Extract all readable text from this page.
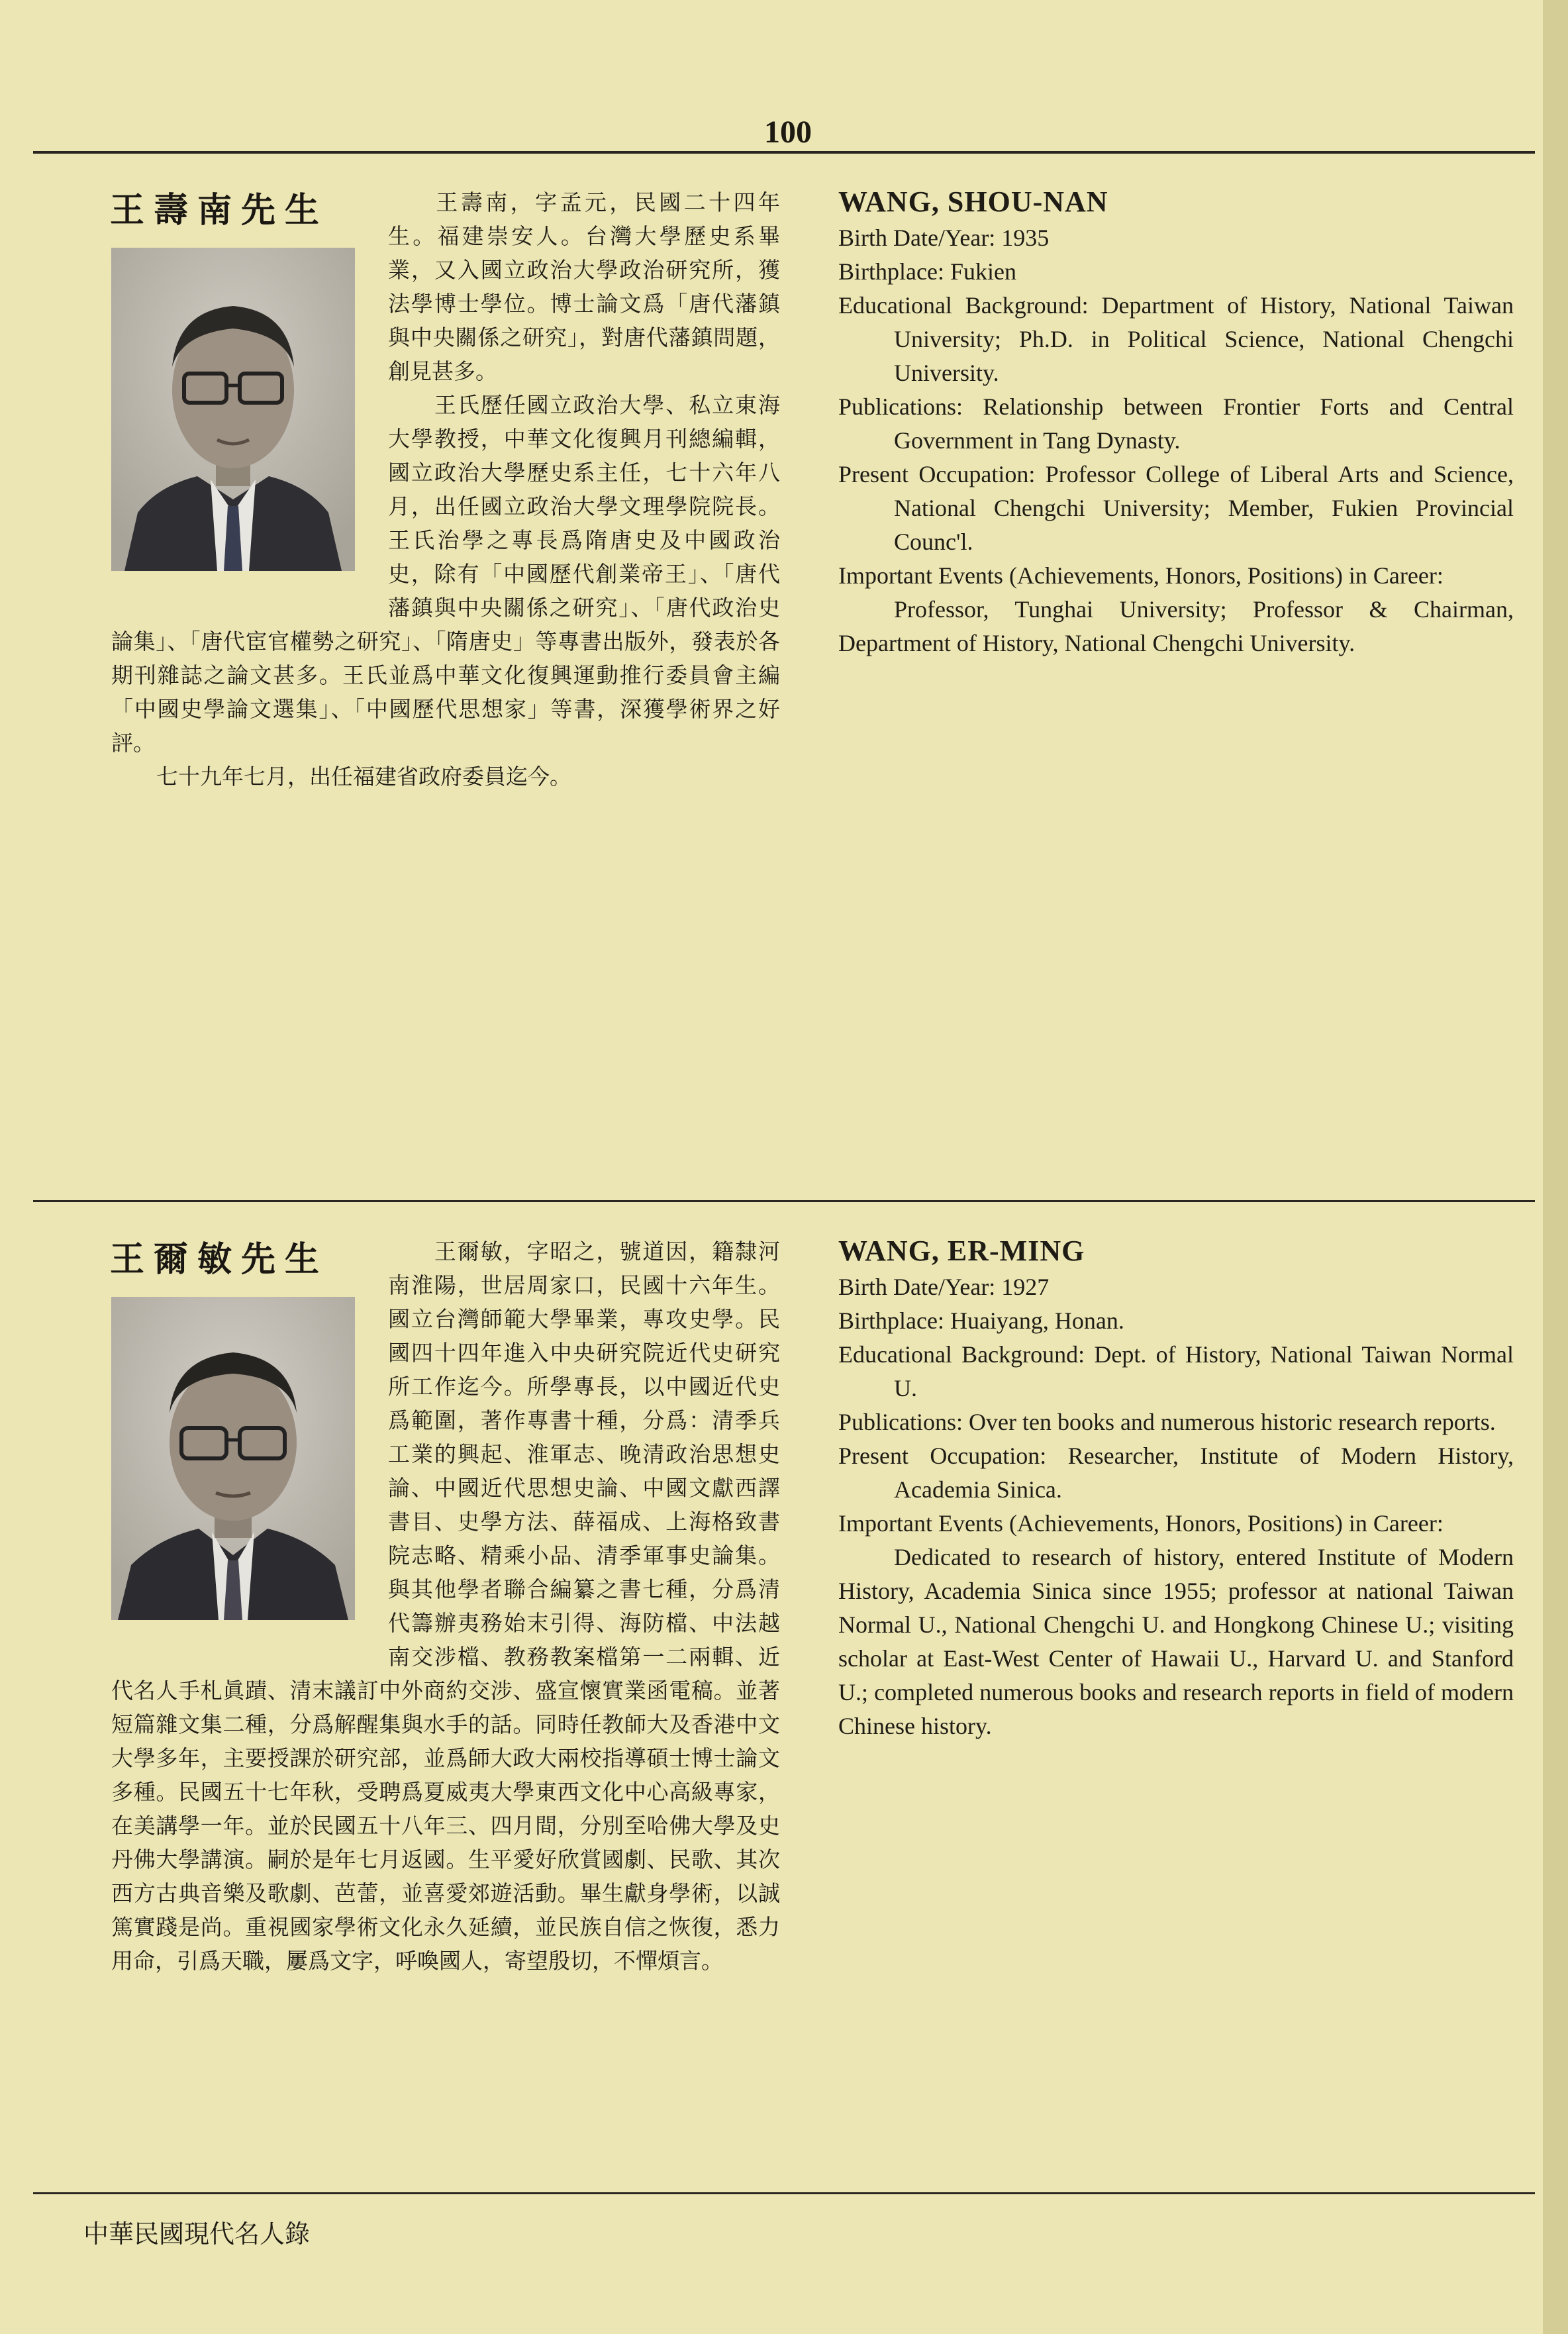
100

王壽南，字孟元，民國二十四年生。福建崇安人。台灣大學歷史系畢業，又入國立政治大學政治研究所，獲法學博士學位。博士論文爲「唐代藩鎮與中央關係之研究」，對唐代藩鎮問題，創見甚多。

王氏歷任國立政治大學、私立東海大學教授，中華文化復興月刊總編輯，國立政治大學歷史系主任，七十六年八月，出任國立政治大學文理學院院長。王氏治學之專長爲隋唐史及中國政治史，除有「中國歷代創業帝王」、「唐代藩鎮與中央關係之研究」、「唐代政治史論集」、「唐代宦官權勢之研究」、「隋唐史」等專書出版外，發表於各期刊雜誌之論文甚多。王氏並爲中華文化復興運動推行委員會主編「中國史學論文選集」、「中國歷代思想家」等書，深獲學術界之好評。

七十九年七月，出任福建省政府委員迄今。

王壽南先生	WANG, SHOU-NAN

Birth Date/Year: 1935

Birthplace: Fukien

Educational Background: Department of History, National Taiwan University; Ph.D. in Political Science, National Chengchi University.

Publications: Relationship between Frontier Forts and Central Government in Tang Dynasty.

Present Occupation: Professor College of Liberal Arts and Science, National Chengchi University; Member, Fukien Provincial Counc'l.

Important Events (Achievements, Honors, Positions) in Career:

Professor, Tunghai University; Professor & Chairman, Department of History, National Chengchi University.

王爾敏，字昭之，號道因，籍隸河南淮陽，世居周家口，民國十六年生。國立台灣師範大學畢業，專攻史學。民國四十四年進入中央研究院近代史研究所工作迄今。所學專長，以中國近代史爲範圍，著作專書十種，分爲：清季兵工業的興起、淮軍志、晚清政治思想史論、中國近代思想史論、中國文獻西譯書目、史學方法、薛福成、上海格致書院志略、精乘小品、清季軍事史論集。與其他學者聯合編纂之書七種，分爲清代籌辦夷務始末引得、海防檔、中法越南交涉檔、教務教案檔第一二兩輯、近代名人手札眞蹟、清末議訂中外商約交涉、盛宣懷實業函電稿。並著短篇雜文集二種，分爲解醒集與水手的話。同時任教師大及香港中文大學多年，主要授課於研究部，並爲師大政大兩校指導碩士博士論文多種。民國五十七年秋，受聘爲夏威夷大學東西文化中心高級專家，在美講學一年。並於民國五十八年三、四月間，分別至哈佛大學及史丹佛大學講演。嗣於是年七月返國。生平愛好欣賞國劇、民歌、其次西方古典音樂及歌劇、芭蕾，並喜愛郊遊活動。畢生獻身學術，以誠篤實踐是尚。重視國家學術文化永久延續，並民族自信之恢復，悉力用命，引爲天職，屢爲文字，呼喚國人，寄望殷切，不憚煩言。

王爾敏先生	WANG, ER-MING

Birth Date/Year: 1927

Birthplace: Huaiyang, Honan.

Educational Background: Dept. of History, National Taiwan Normal U.

Publications: Over ten books and numerous historic research reports.

Present Occupation: Researcher, Institute of Modern History, Academia Sinica.

Important Events (Achievements, Honors, Positions) in Career:

Dedicated to research of history, entered Institute of Modern History, Academia Sinica since 1955; professor at national Taiwan Normal U., National Chengchi U. and Hongkong Chinese U.; visiting scholar at East-West Center of Hawaii U., Harvard U. and Stanford U.; completed numerous books and research reports in field of modern Chinese history.

中華民國現代名人錄
